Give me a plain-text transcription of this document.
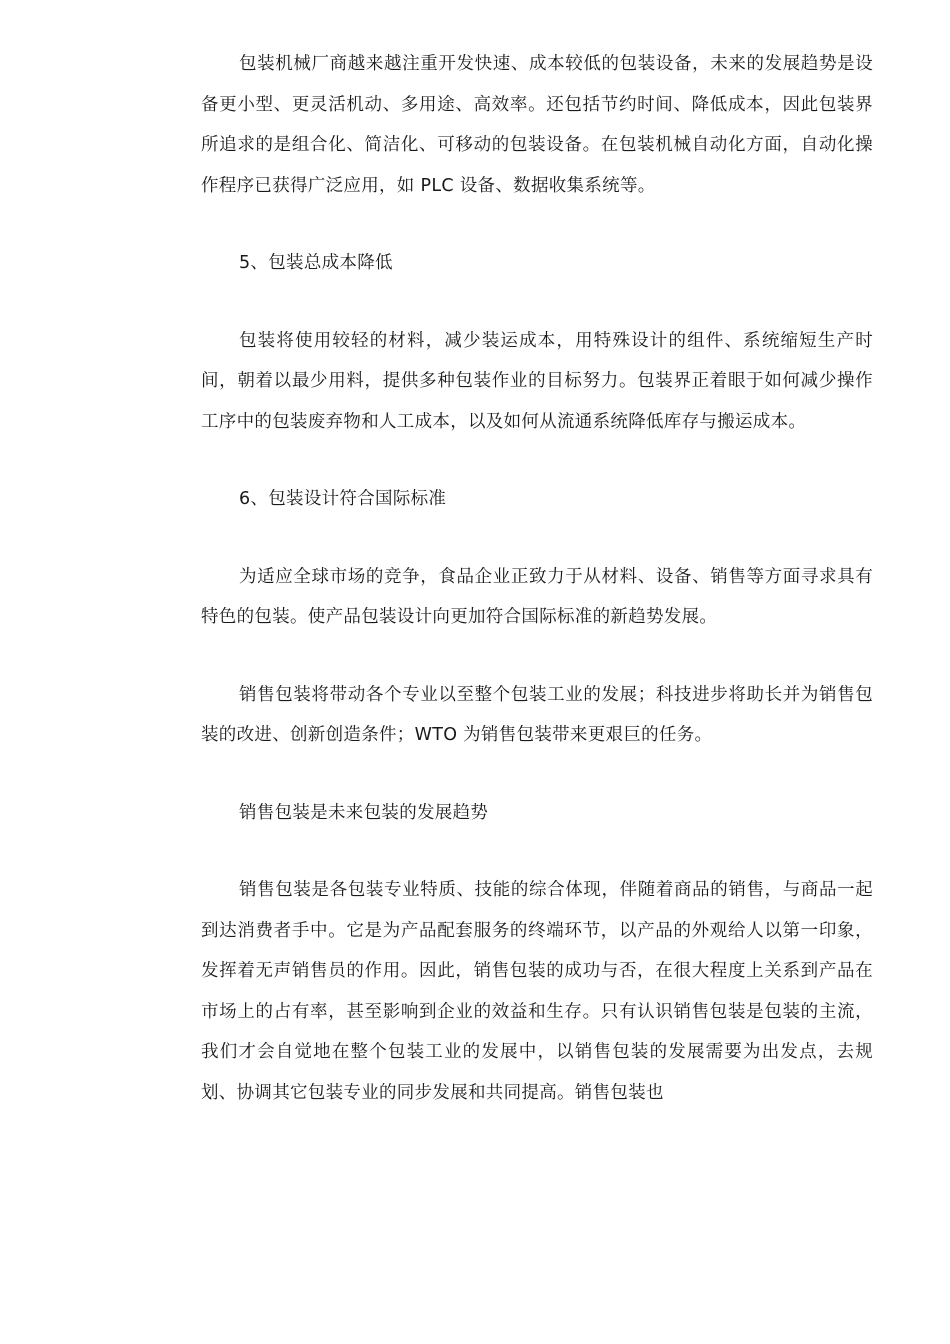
包装机械厂商越来越注重开发快速、成本较低的包装设备，未来的发展趋势是设备更小型、更灵活机动、多用途、高效率。还包括节约时间、降低成本，因此包装界所追求的是组合化、简洁化、可移动的包装设备。在包装机械自动化方面，自动化操作程序已获得广泛应用，如 PLC 设备、数据收集系统等。

5、包装总成本降低

包装将使用较轻的材料，减少装运成本，用特殊设计的组件、系统缩短生产时间，朝着以最少用料，提供多种包装作业的目标努力。包装界正着眼于如何减少操作工序中的包装废弃物和人工成本，以及如何从流通系统降低库存与搬运成本。

6、包装设计符合国际标准

为适应全球市场的竞争，食品企业正致力于从材料、设备、销售等方面寻求具有特色的包装。使产品包装设计向更加符合国际标准的新趋势发展。

销售包装将带动各个专业以至整个包装工业的发展；科技进步将助长并为销售包装的改进、创新创造条件；WTO 为销售包装带来更艰巨的任务。

销售包装是未来包装的发展趋势

销售包装是各包装专业特质、技能的综合体现，伴随着商品的销售，与商品一起到达消费者手中。它是为产品配套服务的终端环节，以产品的外观给人以第一印象，发挥着无声销售员的作用。因此，销售包装的成功与否，在很大程度上关系到产品在市场上的占有率，甚至影响到企业的效益和生存。只有认识销售包装是包装的主流，我们才会自觉地在整个包装工业的发展中，以销售包装的发展需要为出发点，去规划、协调其它包装专业的同步发展和共同提高。销售包装也
